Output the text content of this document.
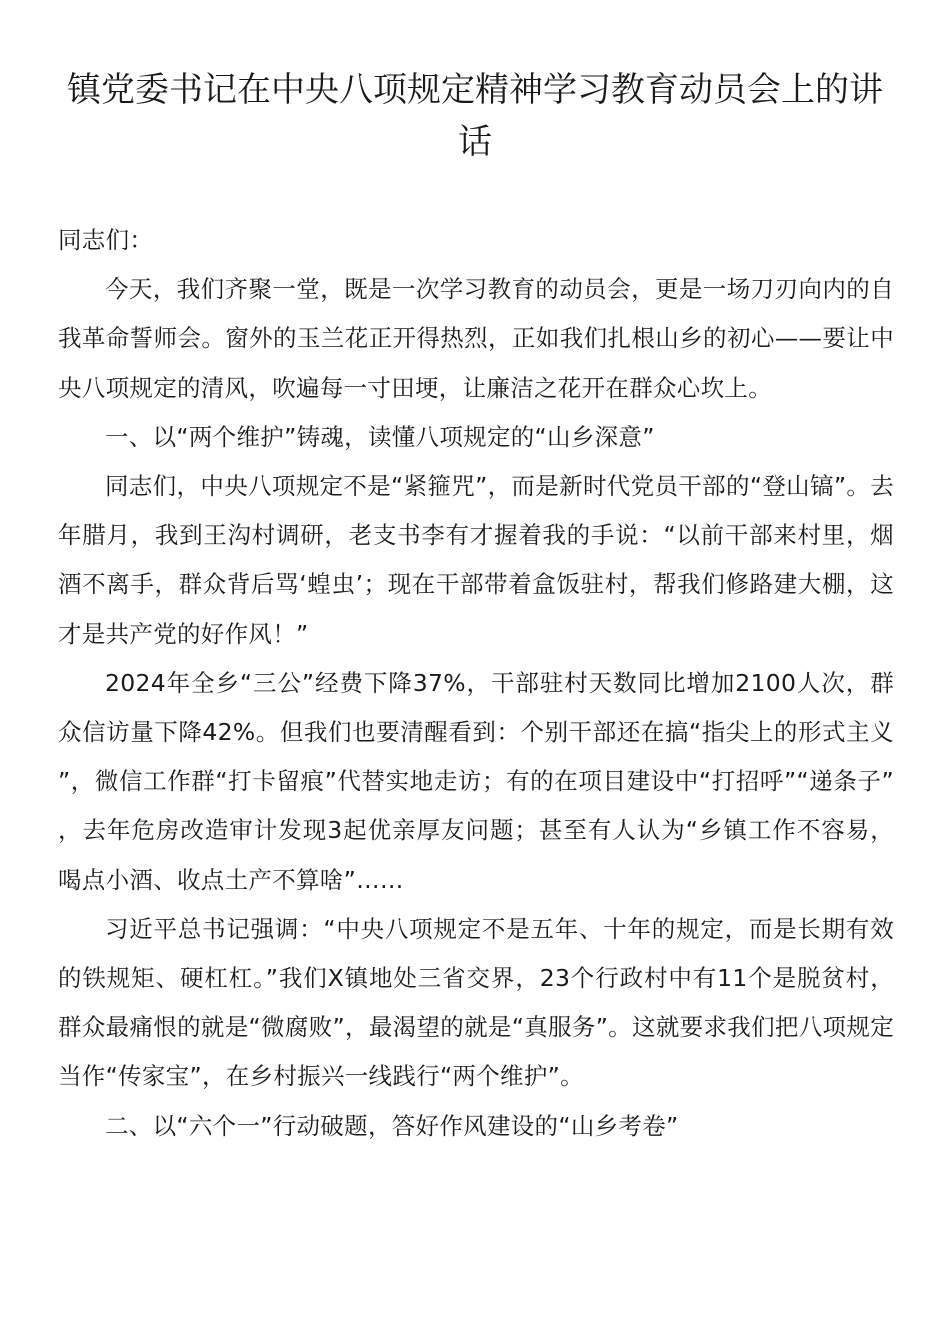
镇党委书记在中央八项规定精神学习教育动员会上的讲话

同志们：

今天，我们齐聚一堂，既是一次学习教育的动员会，更是一场刀刃向内的自我革命誓师会。窗外的玉兰花正开得热烈，正如我们扎根山乡的初心——要让中央八项规定的清风，吹遍每一寸田埂，让廉洁之花开在群众心坎上。

一、以“两个维护”铸魂，读懂八项规定的“山乡深意”

同志们，中央八项规定不是“紧箍咒”，而是新时代党员干部的“登山镐”。去年腊月，我到王沟村调研，老支书李有才握着我的手说：“以前干部来村里，烟酒不离手，群众背后骂‘蝗虫’；现在干部带着盒饭驻村，帮我们修路建大棚，这才是共产党的好作风！”

2024年全乡“三公”经费下降37%，干部驻村天数同比增加2100人次，群众信访量下降42%。但我们也要清醒看到：个别干部还在搞“指尖上的形式主义”，微信工作群“打卡留痕”代替实地走访；有的在项目建设中“打招呼”“递条子”，去年危房改造审计发现3起优亲厚友问题；甚至有人认为“乡镇工作不容易，喝点小酒、收点土产不算啥”……

习近平总书记强调：“中央八项规定不是五年、十年的规定，而是长期有效的铁规矩、硬杠杠。”我们X镇地处三省交界，23个行政村中有11个是脱贫村，群众最痛恨的就是“微腐败”，最渴望的就是“真服务”。这就要求我们把八项规定当作“传家宝”，在乡村振兴一线践行“两个维护”。

二、以“六个一”行动破题，答好作风建设的“山乡考卷”
